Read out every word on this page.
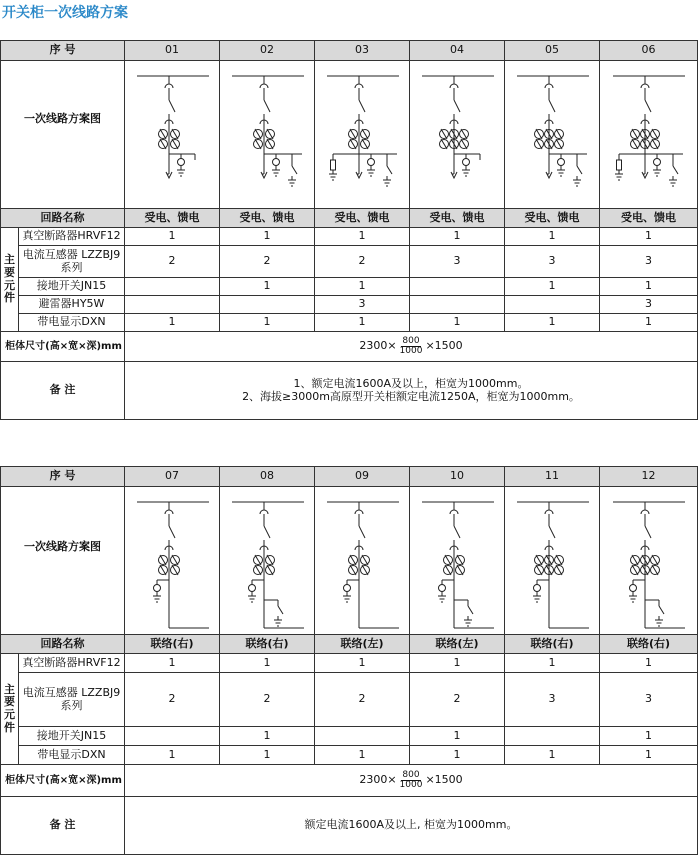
开关柜一次线路方案
序 号		01	02	03	04	05	06
一次线路方案图	

回路名称		受电、馈电	受电、馈电	受电、馈电	受电、馈电	受电、馈电	受电、馈电
主
要
元
件	真空断路器HRVF12	1	1	1	1	1	1
	电流互感器 LZZBJ9系列	2	2	2	3	3	3
	接地开关JN15		1	1		1	1
	避雷器HY5W			3			3
	带电显示DXN	1	1	1	1	1	1
柜体尺寸(高×宽×深)mm		$2300\times \frac{800}{1000} \times 1500$					

备 注		1、额定电流1600A及以上，柜宽为1000mm。
2、海拔≥3000m高原型开关柜额定电流1250A，柜宽为1000mm。					
序 号		07	08	09	10	11	12
一次线路方案图	

回路名称		联络(右)	联络(右)	联络(左)	联络(左)	联络(右)	联络(右)
主
要
元
件	真空断路器HRVF12	1	1	1	1	1	1
	电流互感器 LZZBJ9系列	2	2	2	2	3	3
	接地开关JN15		1		1		1
	带电显示DXN	1	1	1	1	1	1
柜体尺寸(高×宽×深)mm		$2300\times \frac{800}{1000} \times 1500$					

备 注		额定电流1600A及以上, 柜宽为1000mm。					
